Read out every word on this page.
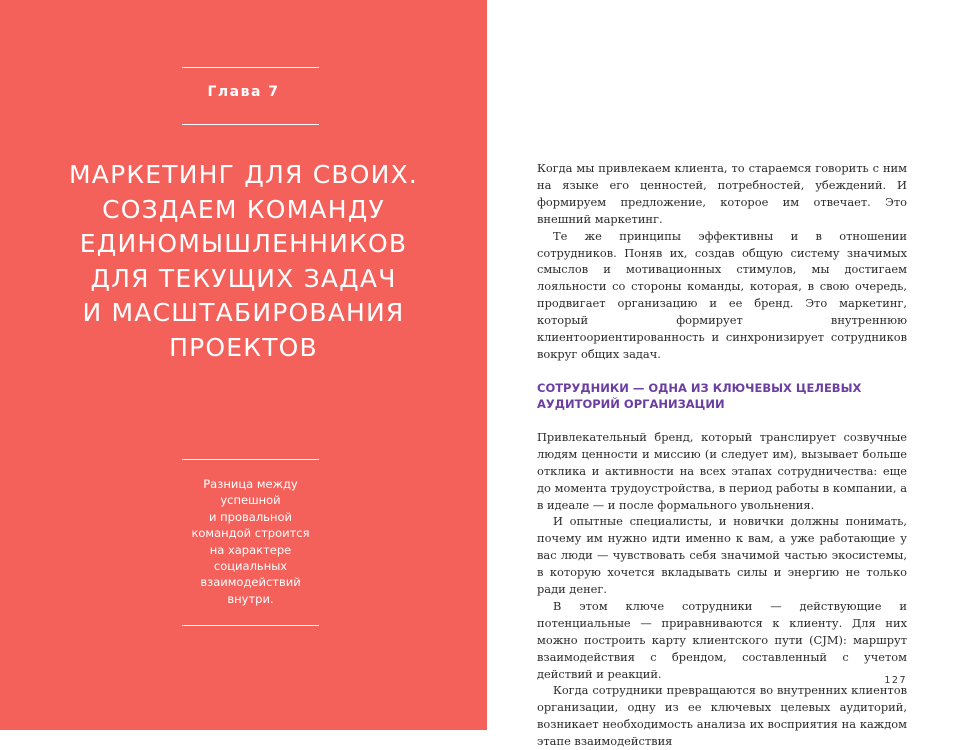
Глава 7
МАРКЕТИНГ ДЛЯ СВОИХ.
СОЗДАЕМ КОМАНДУ
ЕДИНОМЫШЛЕННИКОВ
ДЛЯ ТЕКУЩИХ ЗАДАЧ
И МАСШТАБИРОВАНИЯ
ПРОЕКТОВ
Разница между
успешной
и провальной
командой строится
на характере
социальных
взаимодействий
внутри.

Когда мы привлекаем клиента, то стараемся говорить с ним на языке его ценностей, потребностей, убеждений. И формируем предложение, которое им отвечает. Это внешний маркетинг.

Те же принципы эффективны и в отношении сотрудников. Поняв их, создав общую систему значимых смыслов и мотивационных стимулов, мы достигаем лояльности со стороны команды, которая, в свою очередь, продвигает организацию и ее бренд. Это маркетинг, который формирует внутреннюю клиентоориентированность и синхронизирует сотрудников вокруг общих задач.

СОТРУДНИКИ — ОДНА ИЗ КЛЮЧЕВЫХ ЦЕЛЕВЫХ
АУДИТОРИЙ ОРГАНИЗАЦИИ

Привлекательный бренд, который транслирует созвучные людям ценности и миссию (и следует им), вызывает больше отклика и активности на всех этапах сотрудничества: еще до момента трудоустройства, в период работы в компании, а в идеале — и после формального увольнения.

И опытные специалисты, и новички должны понимать, почему им нужно идти именно к вам, а уже работающие у вас люди — чувствовать себя значимой частью экосистемы, в которую хочется вкладывать силы и энергию не только ради денег.

В этом ключе сотрудники — действующие и потенциальные — приравниваются к клиенту. Для них можно построить карту клиентского пути (CJM): маршрут взаимодействия с брендом, составленный с учетом действий и реакций.

Когда сотрудники превращаются во внутренних клиентов организации, одну из ее ключевых целевых аудиторий, возникает необходимость анализа их восприятия на каждом этапе взаимодействия

127
